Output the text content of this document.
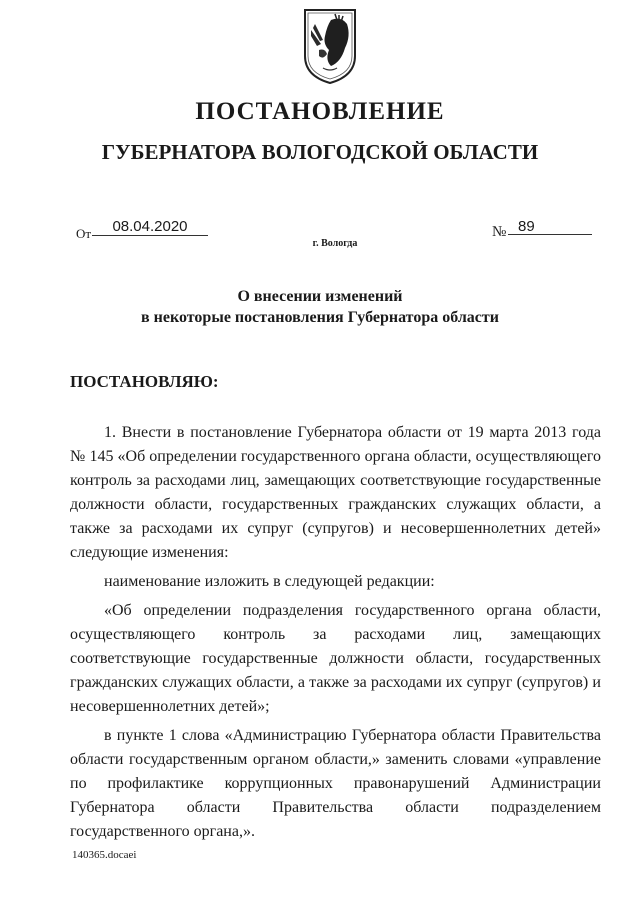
ПОСТАНОВЛЕНИЕ
ГУБЕРНАТОРА ВОЛОГОДСКОЙ ОБЛАСТИ
От	08.04.2020	№ 89
г. Вологда
О внесении изменений
в некоторые постановления Губернатора области
ПОСТАНОВЛЯЮ:

1. Внести в постановление Губернатора области от 19 марта 2013 года № 145 «Об определении государственного органа области, осуществляющего контроль за расходами лиц, замещающих соответствующие государственные должности области, государственных гражданских служащих области, а также за расходами их супруг (супругов) и несовершеннолетних детей» следующие изменения:

наименование изложить в следующей редакции:

«Об определении подразделения государственного органа области, осуществляющего контроль за расходами лиц, замещающих соответствующие государственные должности области, государственных гражданских служащих области, а также за расходами их супруг (супругов) и несовершеннолетних детей»;

в пункте 1 слова «Администрацию Губернатора области Правительства области государственным органом области,» заменить словами «управление по профилактике коррупционных правонарушений Администрации Губернатора области Правительства области подразделением государственного органа,».

140365.docaei
